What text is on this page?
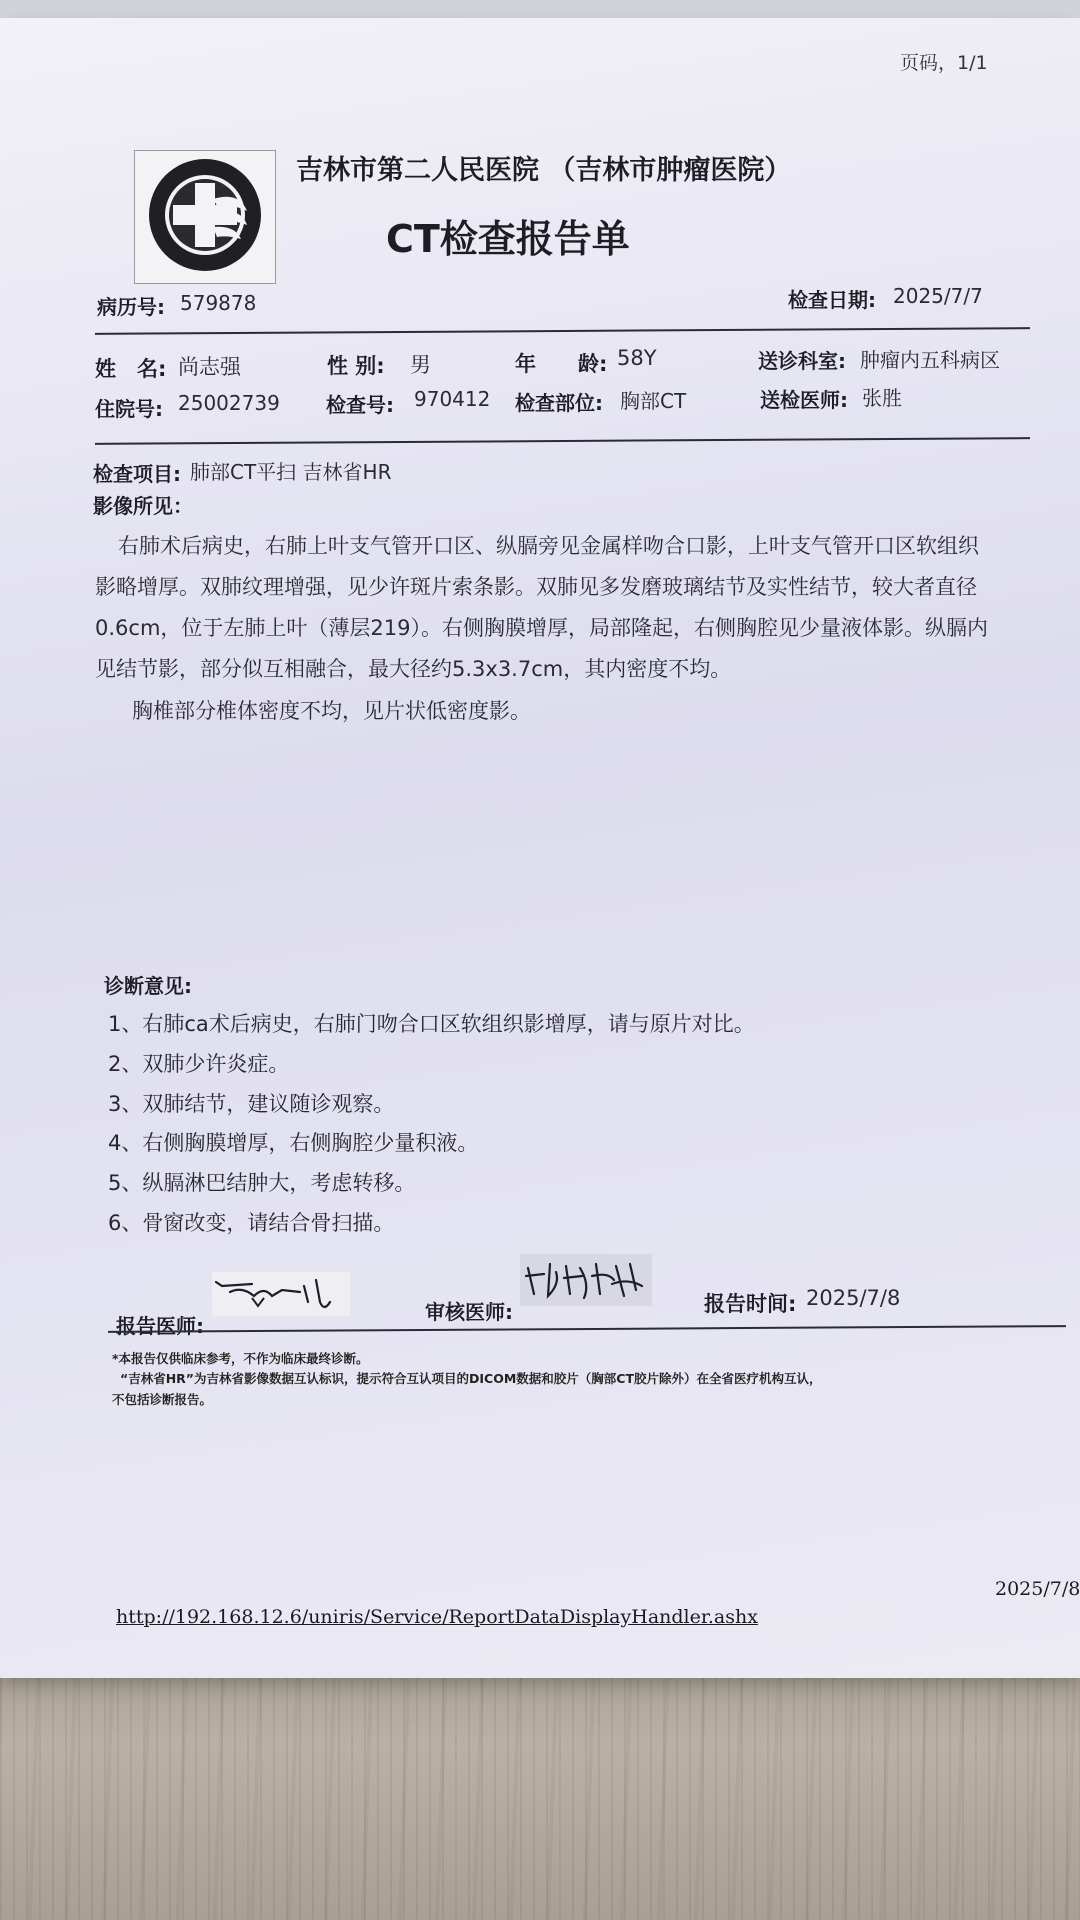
页码，1/1
吉林市第二人民医院 （吉林市肿瘤医院）
CT检查报告单
病历号: 579878	检查日期: 2025/7/7
姓　名: 尚志强	性 别: 男	年　　龄: 58Y	送诊科室: 肿瘤内五科病区
住院号: 25002739 检查号: 970412 检查部位: 胸部CT	送检医师: 张胜
检查项目: 肺部CT平扫 吉林省HR
影像所见：
右肺术后病史，右肺上叶支气管开口区、纵膈旁见金属样吻合口影，上叶支气管开口区软组织
影略增厚。双肺纹理增强，见少许斑片索条影。双肺见多发磨玻璃结节及实性结节，较大者直径
0.6cm，位于左肺上叶（薄层219）。右侧胸膜增厚，局部隆起，右侧胸腔见少量液体影。纵膈内
见结节影，部分似互相融合，最大径约5.3x3.7cm，其内密度不均。
胸椎部分椎体密度不均，见片状低密度影。
诊断意见:
1、右肺ca术后病史，右肺门吻合口区软组织影增厚，请与原片对比。
2、双肺少许炎症。
3、双肺结节，建议随诊观察。
4、右侧胸膜增厚，右侧胸腔少量积液。
5、纵膈淋巴结肿大，考虑转移。
6、骨窗改变，请结合骨扫描。
报告医师:
审核医师:	报告时间: 2025/7/8
*本报告仅供临床参考，不作为临床最终诊断。
“吉林省HR”为吉林省影像数据互认标识，提示符合互认项目的DICOM数据和胶片（胸部CT胶片除外）在全省医疗机构互认，
不包括诊断报告。
http://192.168.12.6/uniris/Service/ReportDataDisplayHandler.ashx
2025/7/8
